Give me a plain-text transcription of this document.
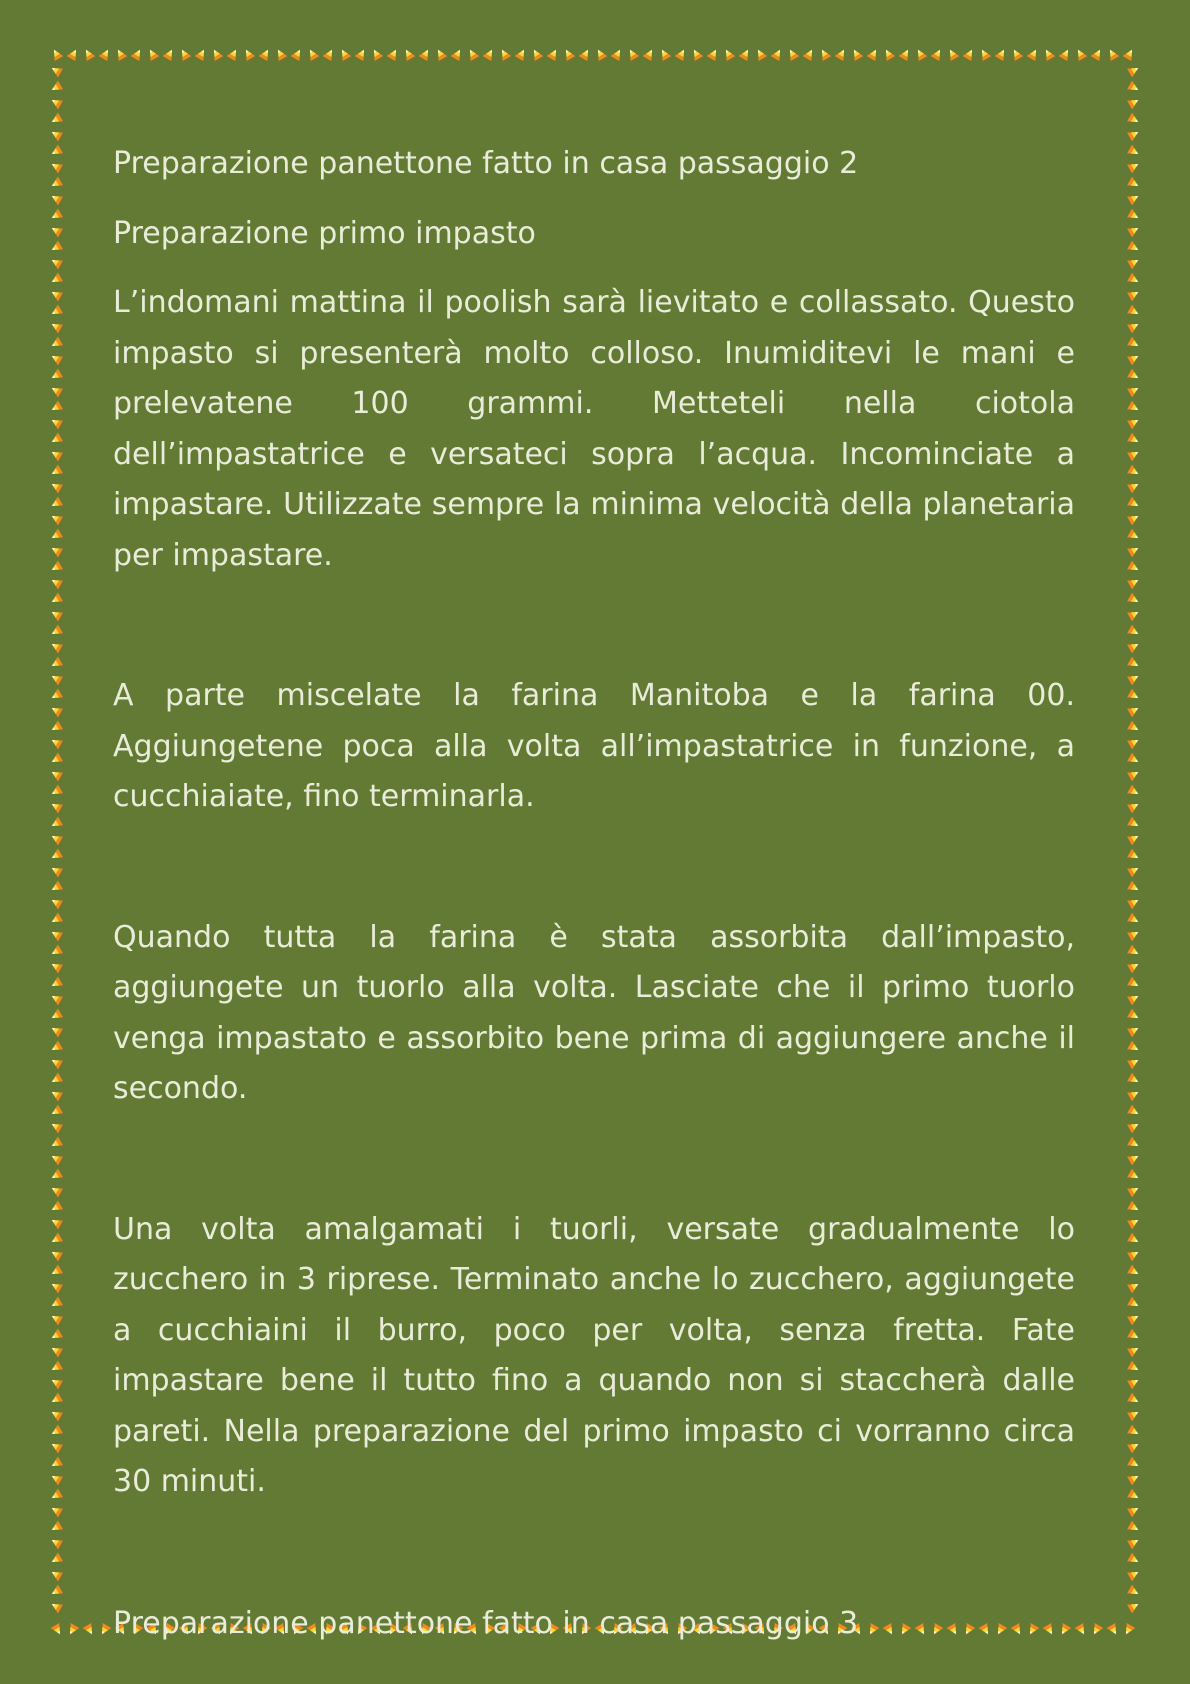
Preparazione panettone fatto in casa passaggio 2

Preparazione primo impasto

L’indomani mattina il poolish sarà lievitato e collassato. Questo impasto si presenterà molto colloso. Inumiditevi le mani e prelevatene 100 grammi. Metteteli nella ciotola dell’impastatrice e versateci sopra l’acqua. Incominciate a impastare. Utilizzate sempre la minima velocità della planetaria per impastare.

A parte miscelate la farina Manitoba e la farina 00. Aggiungetene poca alla volta all’impastatrice in funzione, a cucchiaiate, fino terminarla.

Quando tutta la farina è stata assorbita dall’impasto, aggiungete un tuorlo alla volta. Lasciate che il primo tuorlo venga impastato e assorbito bene prima di aggiungere anche il secondo.

Una volta amalgamati i tuorli, versate gradualmente lo zucchero in 3 riprese. Terminato anche lo zucchero, aggiungete a cucchiaini il burro, poco per volta, senza fretta. Fate impastare bene il tutto fino a quando non si staccherà dalle pareti. Nella preparazione del primo impasto ci vorranno circa 30 minuti.

Preparazione panettone fatto in casa passaggio 3
